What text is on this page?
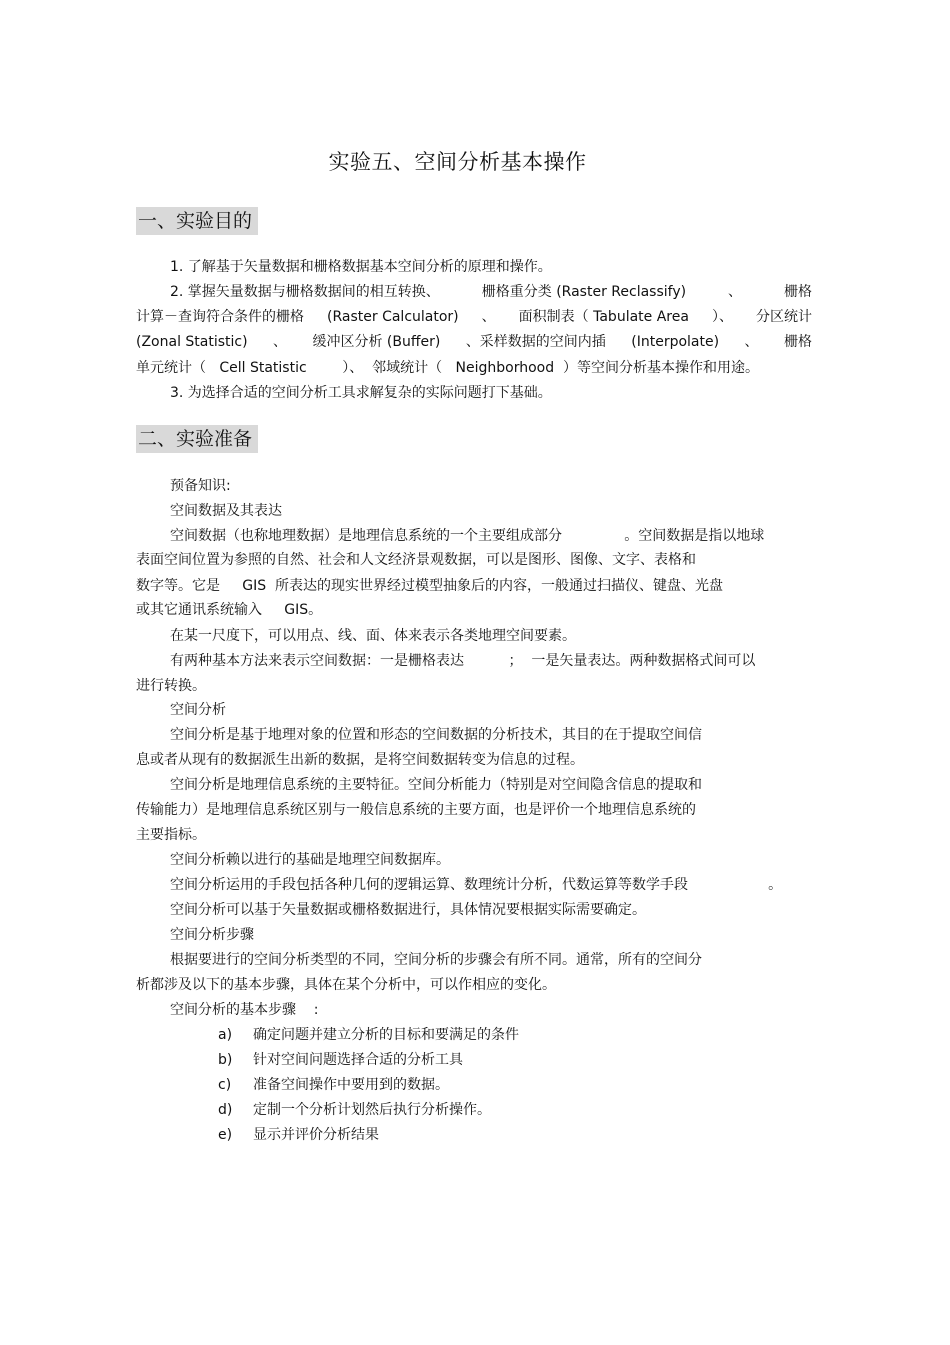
实验五、空间分析基本操作
一、实验目的
1. 了解基于矢量数据和栅格数据基本空间分析的原理和操作。
2. 掌握矢量数据与栅格数据间的相互转换、	栅格重分类 (Raster Reclassify)	、	栅格
计算－查询符合条件的栅格 (Raster Calculator) 、 面积制表（ Tabulate Area ）、 分区统计
(Zonal Statistic) 、 缓冲区分析 (Buffer) 、采样数据的空间内插 (Interpolate) 、 栅格
单元统计（   Cell Statistic        ）、  邻域统计（   Neighborhood  ）等空间分析基本操作和用途。
3. 为选择合适的空间分析工具求解复杂的实际问题打下基础。
二、实验准备
预备知识:
空间数据及其表达
空间数据（也称地理数据）是地理信息系统的一个主要组成部分              。空间数据是指以地球
表面空间位置为参照的自然、社会和人文经济景观数据，可以是图形、图像、文字、表格和
数字等。它是     GIS  所表达的现实世界经过模型抽象后的内容，一般通过扫描仪、键盘、光盘
或其它通讯系统输入     GIS。
在某一尺度下，可以用点、线、面、体来表示各类地理空间要素。
有两种基本方法来表示空间数据：一是栅格表达          ；  一是矢量表达。两种数据格式间可以
进行转换。
空间分析
空间分析是基于地理对象的位置和形态的空间数据的分析技术，其目的在于提取空间信
息或者从现有的数据派生出新的数据，是将空间数据转变为信息的过程。
空间分析是地理信息系统的主要特征。空间分析能力（特别是对空间隐含信息的提取和
传输能力）是地理信息系统区别与一般信息系统的主要方面，也是评价一个地理信息系统的
主要指标。
空间分析赖以进行的基础是地理空间数据库。
空间分析运用的手段包括各种几何的逻辑运算、数理统计分析，代数运算等数学手段                  。
空间分析可以基于矢量数据或栅格数据进行，具体情况要根据实际需要确定。
空间分析步骤
根据要进行的空间分析类型的不同，空间分析的步骤会有所不同。通常，所有的空间分
析都涉及以下的基本步骤，具体在某个分析中，可以作相应的变化。
空间分析的基本步骤    :
a) 确定问题并建立分析的目标和要满足的条件
b) 针对空间问题选择合适的分析工具
c) 准备空间操作中要用到的数据。
d) 定制一个分析计划然后执行分析操作。
e) 显示并评价分析结果
